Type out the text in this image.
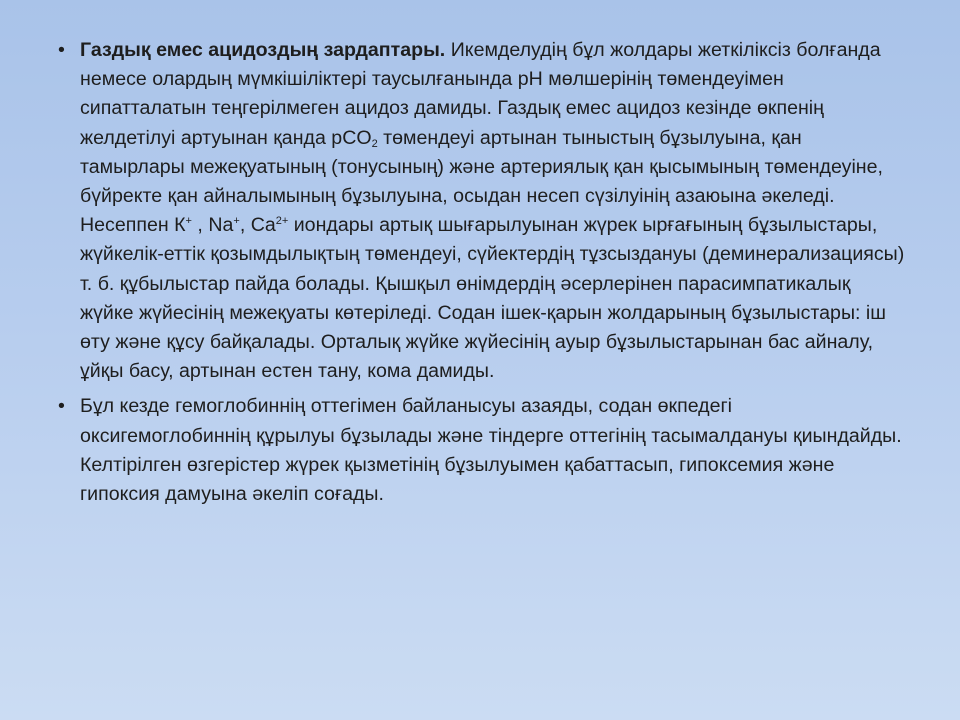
• Газдық емес ацидоздың зардаптары. Икемделудің бұл жолдары жеткіліксіз болғанда немесе олардың мүмкішіліктері таусылғанында pH мөлшерінің төмендеуімен сипатталатын теңгерілмеген ацидоз дамиды. Газдық емес ацидоз кезінде өкпенің желдетілуі артуынан қанда pCO$_2$ төмендеуі артынан тыныстың бұзылуына, қан тамырлары межеқуатының (тонусының) және артериялық қан қысымының төмендеуіне, бүйректе қан айналымының бұзылуына, осыдан несеп сүзілуінің азаюына әкеледі. Несеппен К+ , Na+, $Ca^{2+}$ иондары артық шығарылуынан жүрек ырғағының бұзылыстары, жүйкелік-еттік қозымдылықтың төмендеуі, сүйектердің тұзсыздануы (деминерализациясы) т. б. құбылыстар пайда болады. Қышқыл өнімдердің әсерлерінен парасимпатикалық жүйке жүйесінің межеқуаты көтеріледі. Содан ішек-қарын жолдарының бұзылыстары: іш өту және құсу байқалады. Орталық жүйке жүйесінің ауыр бұзылыстарынан бас айналу, ұйқы басу, артынан естен тану, кома дамиды.
• Бұл кезде гемоглобиннің оттегімен байланысуы азаяды, содан өкпедегі оксигемоглобиннің құрылуы бұзылады және тіндерге оттегінің тасымалдануы қиындайды. Келтірілген өзгерістер жүрек қызметінің бұзылуымен қабаттасып, гипоксемия және гипоксия дамуына әкеліп соғады.
